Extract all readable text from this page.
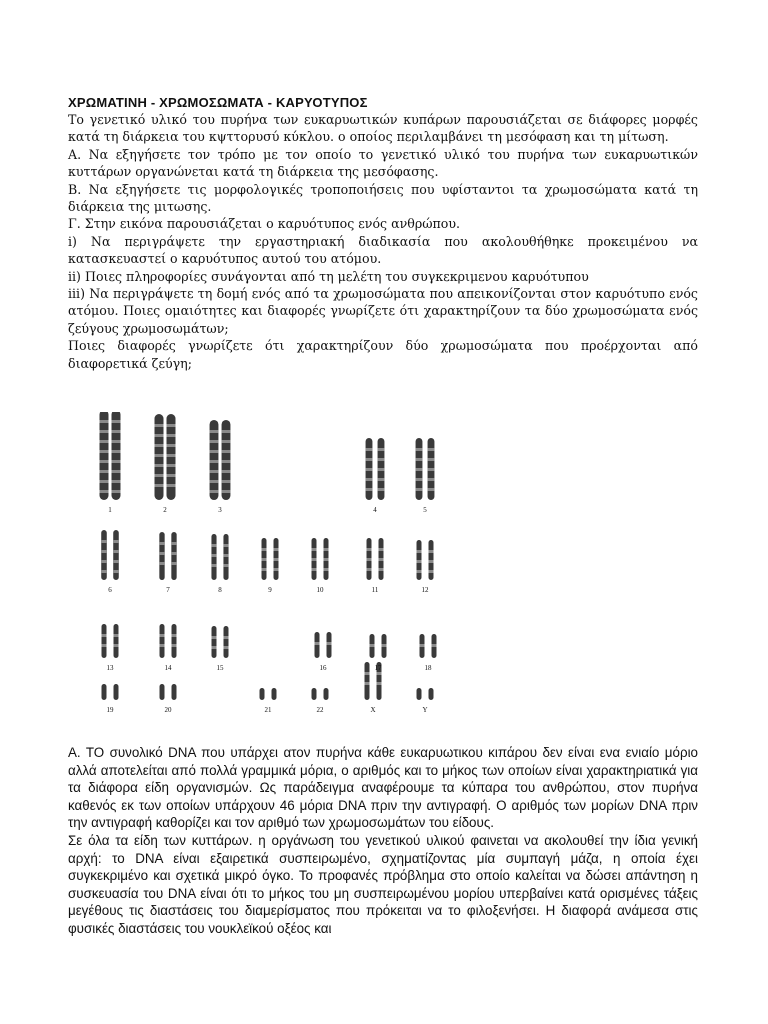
ΧΡΩΜΑΤΙΝΗ - ΧΡΩΜΟΣΩΜΑΤΑ - ΚΑΡΥΟΤΥΠΟΣ

Το γενετικό υλικό του πυρήνα των ευκαρυωτικών κυπάρων παρουσιάζεται σε διάφορες μορφές κατά τη διάρκεια του κψττορυσύ κύκλου. ο οποίος περιλαμβάνει τη μεσόφαση και τη μίτωση.

Α. Να εξηγήσετε τον τρόπο με τον οποίο το γενετικό υλικό του πυρήνα των ευκαρυωτικών κυττάρων οργανώνεται κατά τη διάρκεια της μεσόφασης.

Β. Να εξηγήσετε τις μορφολογικές τροποποιήσεις που υφίσταντοι τα χρωμοσώματα κατά τη διάρκεια της μιτωσης.

Γ. Στην εικόνα παρουσιάζεται ο καρυότυπος ενός ανθρώπου.

i) Να περιγράψετε την εργαστηριακή διαδικασία που ακολουθήθηκε προκειμένου να κατασκευαστεί ο καρυότυπος αυτού του ατόμου.

ii) Ποιες πληροφορίες συνάγονται από τη μελέτη του συγκεκριμενου καρυότυπου

iii) Να περιγράψετε τη δομή ενός από τα χρωμοσώματα που απεικονίζονται στον καρυότυπο ενός ατόμου. Ποιες ομαιότητες και διαφορές γνωρίζετε ότι χαρακτηρίζουν τα δύο χρωμοσώματα ενός ζεύγους χρωμοσωμάτων;

Ποιες διαφορές γνωρίζετε ότι χαρακτηρίζουν δύο χρωμοσώματα που προέρχονται από διαφορετικά ζεύγη;

1	2	3	4	5
6	7	8	9	10	11	12
13	14	15	16	17	18
19	20	21	22	X	Y

Α. ΤΟ συνολικό DNA που υπάρχει ατον πυρήνα κάθε ευκαρυωτικου κιπάρου δεν είναι ενα ενιαίο μόριο αλλά αποτελείται από πολλά γραμμικά μόρια, ο αριθμός και το μήκος των οποίων είναι χαρακτηριατικά για τα διάφορα είδη οργανισμών. Ως παράδειγμα αναφέρουμε τα κύπαρα του ανθρώπου, στον πυρήνα καθενός εκ των οποίων υπάρχουν 46 μόρια DNA πριν την αντιγραφή. Ο αριθμός των μορίων DNA πριν την αντιγραφή καθορίζει και τον αριθμό των χρωμοσωμάτων του είδους.

Σε όλα τα είδη των κυττάρων. η οργάνωση του γενετικού υλικού φαινεται να ακολουθεί την ίδια γενική αρχή: το DNA είναι εξαιρετικά συσπειρωμένο, σχηματίζοντας μία συμπαγή μάζα, η οποία έχει συγκεκριμένο και σχετικά μικρό όγκο. Το προφανές πρόβλημα στο οποίο καλείται να δώσει απάντηση η συσκευασία του DNA είναι ότι το μήκος του μη συσπειρωμένου μορίου υπερβαίνει κατά ορισμένες τάξεις μεγέθους τις διαστάσεις του διαμερίσματος που πρόκειται να το φιλοξενήσει. Η διαφορά ανάμεσα στις φυσικές διαστάσεις του νουκλεϊκού οξέος και
